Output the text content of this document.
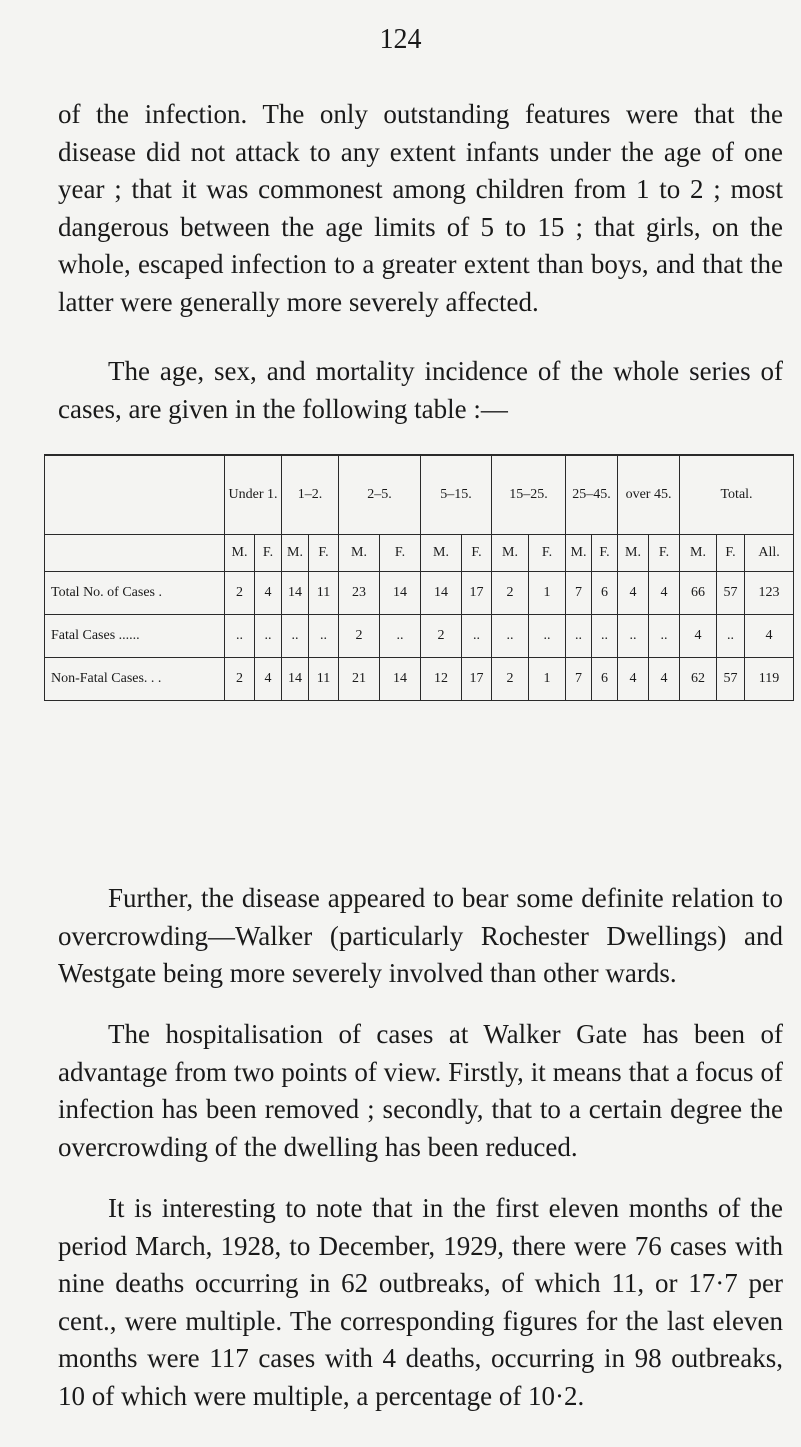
124

of the infection. The only outstanding features were that the disease did not attack to any extent infants under the age of one year ; that it was commonest among children from 1 to 2 ; most dangerous between the age limits of 5 to 15 ; that girls, on the whole, escaped infection to a greater extent than boys, and that the latter were generally more severely affected.

The age, sex, and mortality incidence of the whole series of cases, are given in the following table :—

	Under 1.		1–2.		2–5.		5–15.		15–25.		25–45.		over 45.		Total.		
	M.	F.	M.	F.	M.	F.	M.	F.	M.	F.	M.	F.	M.	F.	M.	F.	All.
Total No. of Cases .	2	4	14	11	23	14	14	17	2	1	7	6	4	4	66	57	123
Fatal Cases ......	..	..	..	..	2	..	2	..	..	..	..	..	..	..	4	..	4
Non-Fatal Cases. . .	2	4	14	11	21	14	12	17	2	1	7	6	4	4	62	57	119

Further, the disease appeared to bear some definite relation to overcrowding—Walker (particularly Rochester Dwellings) and Westgate being more severely involved than other wards.

The hospitalisation of cases at Walker Gate has been of advantage from two points of view. Firstly, it means that a focus of infection has been removed ; secondly, that to a certain degree the overcrowding of the dwelling has been reduced.

It is interesting to note that in the first eleven months of the period March, 1928, to December, 1929, there were 76 cases with nine deaths occurring in 62 outbreaks, of which 11, or 17·7 per cent., were multiple. The corresponding figures for the last eleven months were 117 cases with 4 deaths, occurring in 98 outbreaks, 10 of which were multiple, a percentage of 10·2.
